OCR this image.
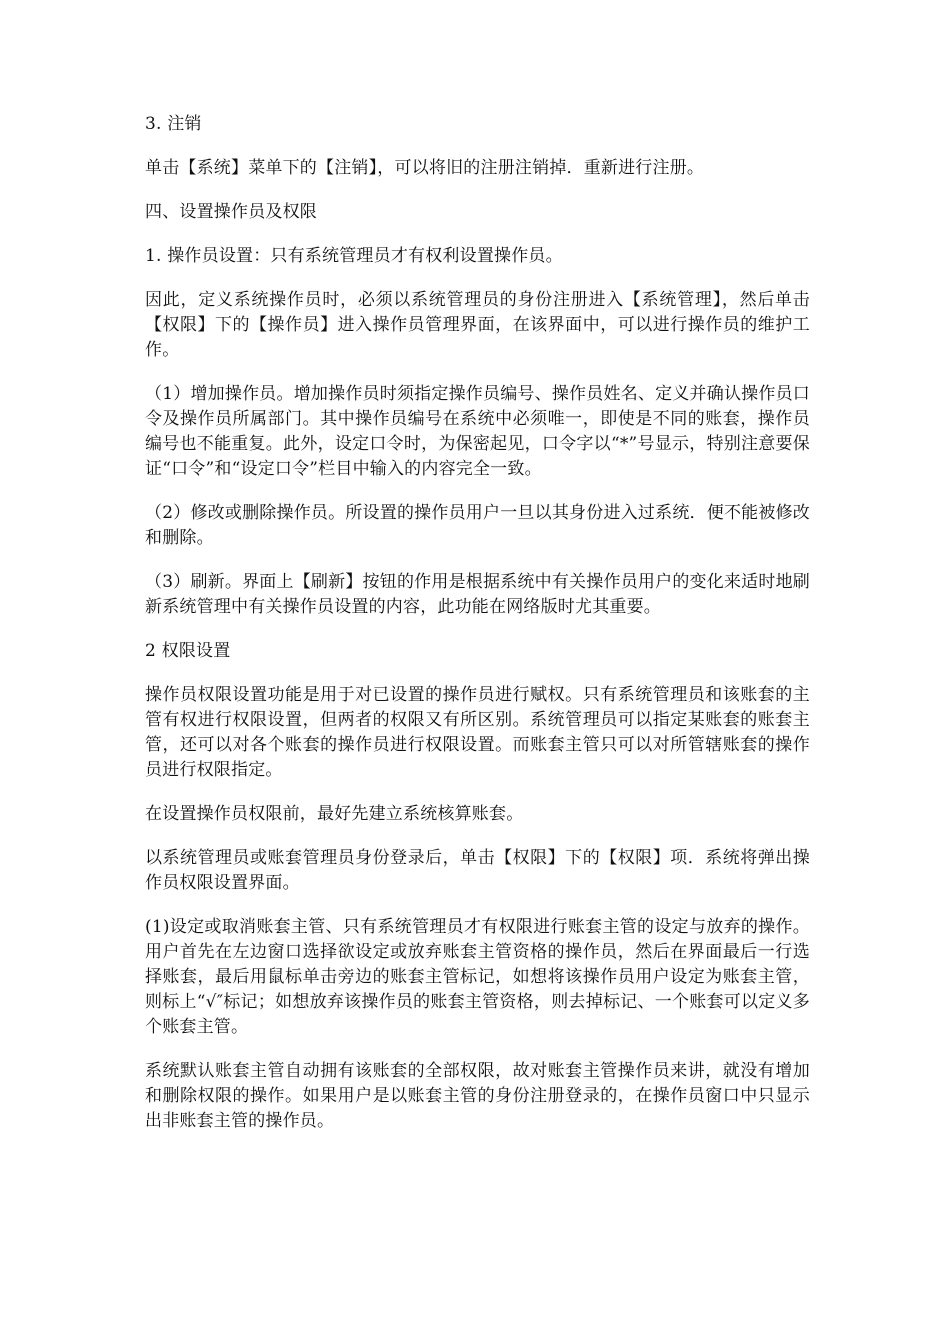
3. 注销

单击【系统】菜单下的【注销】，可以将旧的注册注销掉．重新进行注册。

四、设置操作员及权限

1. 操作员设置：只有系统管理员才有权利设置操作员。

因此，定义系统操作员时，必须以系统管理员的身份注册进入【系统管理】，然后单击【权限】下的【操作员】进入操作员管理界面，在该界面中，可以进行操作员的维护工作。

（1）增加操作员。增加操作员时须指定操作员编号、操作员姓名、定义并确认操作员口令及操作员所属部门。其中操作员编号在系统中必须唯一，即使是不同的账套，操作员编号也不能重复。此外，设定口令时，为保密起见，口令字以“*”号显示，特别注意要保证“口令”和“设定口令”栏目中输入的内容完全一致。

（2）修改或删除操作员。所设置的操作员用户一旦以其身份进入过系统．便不能被修改和删除。

（3）刷新。界面上【刷新】按钮的作用是根据系统中有关操作员用户的变化来适时地刷新系统管理中有关操作员设置的内容，此功能在网络版时尤其重要。

2 权限设置

操作员权限设置功能是用于对已设置的操作员进行赋权。只有系统管理员和该账套的主管有权进行权限设置，但两者的权限又有所区别。系统管理员可以指定某账套的账套主管，还可以对各个账套的操作员进行权限设置。而账套主管只可以对所管辖账套的操作员进行权限指定。

在设置操作员权限前，最好先建立系统核算账套。

以系统管理员或账套管理员身份登录后，单击【权限】下的【权限】项．系统将弹出操作员权限设置界面。

(1)设定或取消账套主管、只有系统管理员才有权限进行账套主管的设定与放弃的操作。用户首先在左边窗口选择欲设定或放弃账套主管资格的操作员，然后在界面最后一行选择账套，最后用鼠标单击旁边的账套主管标记，如想将该操作员用户设定为账套主管，则标上“√″标记；如想放弃该操作员的账套主管资格，则去掉标记、一个账套可以定义多个账套主管。

系统默认账套主管自动拥有该账套的全部权限，故对账套主管操作员来讲，就没有增加和删除权限的操作。如果用户是以账套主管的身份注册登录的，在操作员窗口中只显示出非账套主管的操作员。
